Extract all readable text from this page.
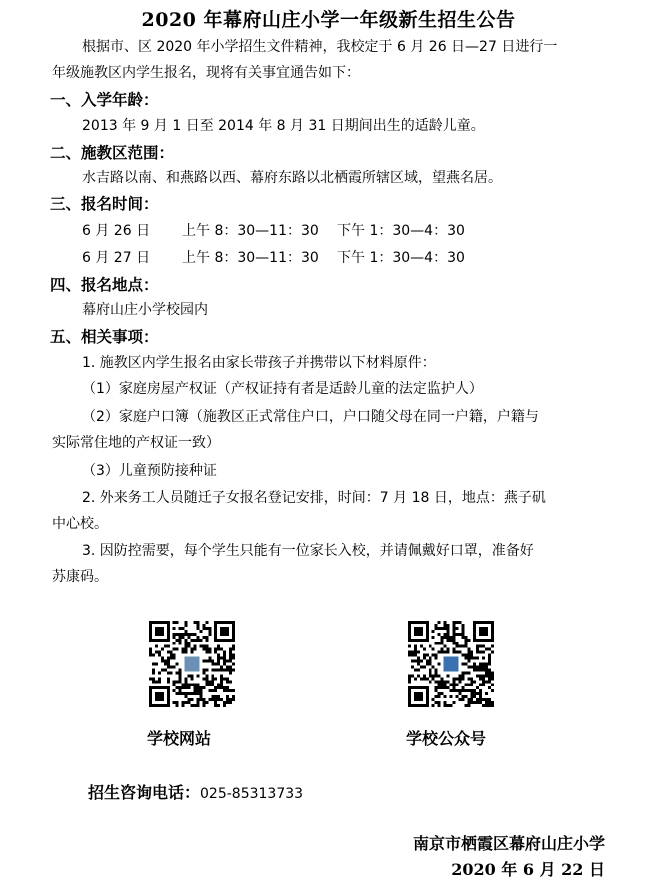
2020 年幕府山庄小学一年级新生招生公告
根据市、区 2020 年小学招生文件精神，我校定于 6 月 26 日—27 日进行一
年级施教区内学生报名，现将有关事宜通告如下：
一、入学年龄：
2013 年 9 月 1 日至 2014 年 8 月 31 日期间出生的适龄儿童。
二、施教区范围：
水吉路以南、和燕路以西、幕府东路以北栖霞所辖区域，望燕名居。
三、报名时间：
6 月 26 日 上午 8：30—11：30 下午 1：30—4：30
6 月 27 日 上午 8：30—11：30 下午 1：30—4：30
四、报名地点：
幕府山庄小学校园内
五、相关事项：
1. 施教区内学生报名由家长带孩子并携带以下材料原件：
（1）家庭房屋产权证（产权证持有者是适龄儿童的法定监护人）
（2）家庭户口簿（施教区正式常住户口，户口随父母在同一户籍，户籍与
实际常住地的产权证一致）
（3）儿童预防接种证
2. 外来务工人员随迁子女报名登记安排，时间：7 月 18 日，地点：燕子矶
中心校。
3. 因防控需要，每个学生只能有一位家长入校，并请佩戴好口罩，准备好
苏康码。
学校网站	学校公众号
招生咨询电话：025-85313733
南京市栖霞区幕府山庄小学
2020 年 6 月 22 日
